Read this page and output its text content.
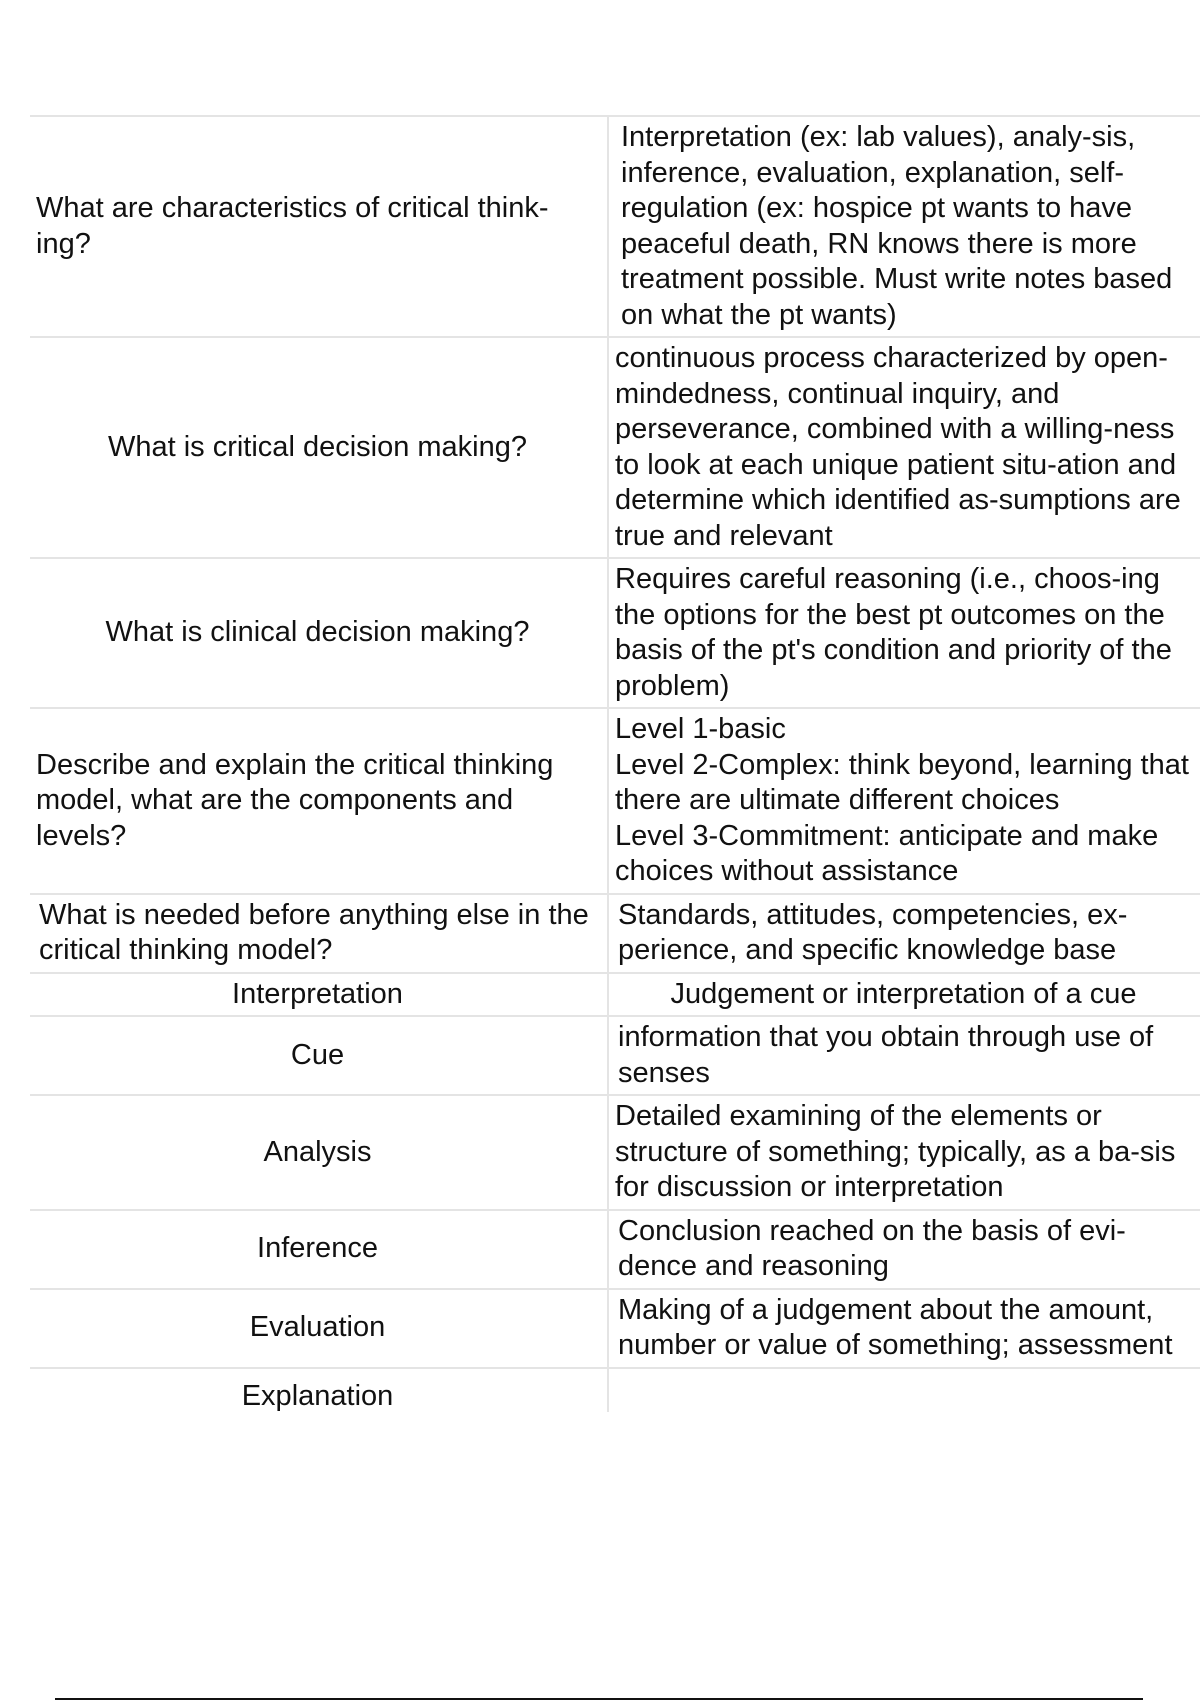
What are characteristics of critical think-ing?	Interpretation (ex: lab values), analy-sis, inference, evaluation, explanation, self-regulation (ex: hospice pt wants to have peaceful death, RN knows there is more treatment possible. Must write notes based on what the pt wants)
What is critical decision making?	continuous process characterized by open-mindedness, continual inquiry, and perseverance, combined with a willing-ness to look at each unique patient situ-ation and determine which identified as-sumptions are true and relevant
What is clinical decision making?	Requires careful reasoning (i.e., choos-ing the options for the best pt outcomes on the basis of the pt's condition and priority of the problem)
Describe and explain the critical thinking model, what are the components and levels?	Level 1-basic
Level 2-Complex: think beyond, learning that there are ultimate different choices
Level 3-Commitment: anticipate and make choices without assistance

What is needed before anything else in the critical thinking model?	Standards, attitudes, competencies, ex-perience, and specific knowledge base
Interpretation	Judgement or interpretation of a cue
Cue	information that you obtain through use of senses
Analysis	Detailed examining of the elements or structure of something; typically, as a ba-sis for discussion or interpretation
Inference	Conclusion reached on the basis of evi-dence and reasoning
Evaluation	Making of a judgement about the amount, number or value of something; assessment
Explanation	
